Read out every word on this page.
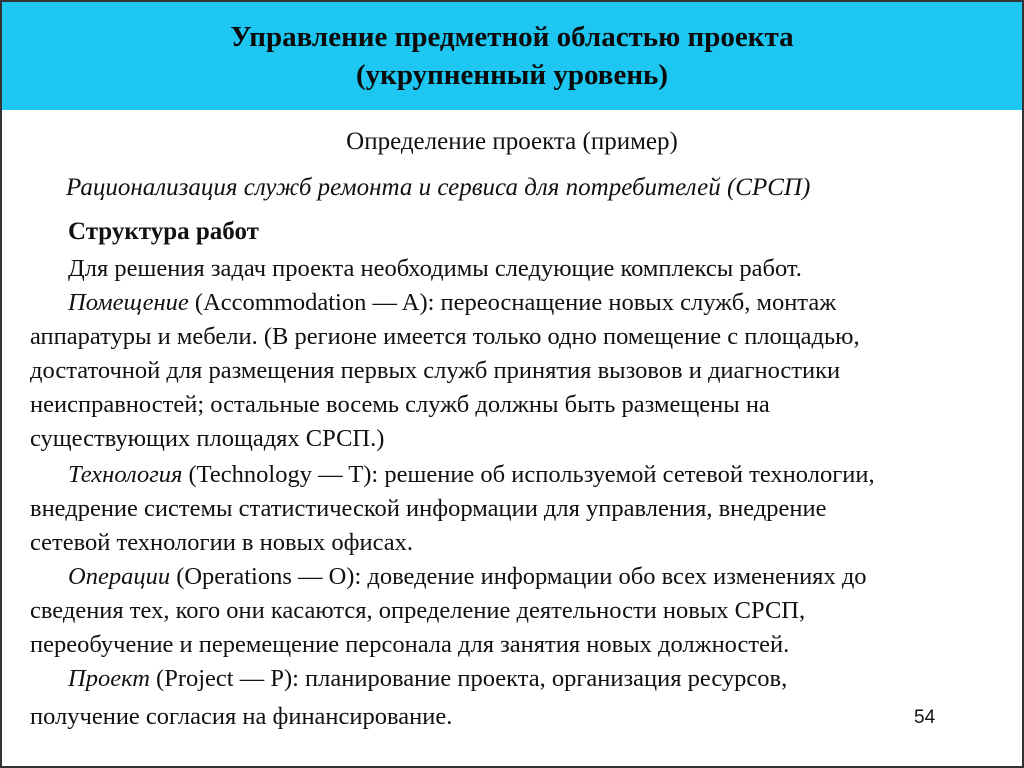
Управление предметной областью проекта
(укрупненный уровень)
Определение проекта (пример)
Рационализация служб ремонта и сервиса для потребителей (СРСП)
Структура работ
Для решения задач проекта необходимы следующие комплексы работ.
Помещение (Accommodation — A): переоснащение новых служб, монтаж
аппаратуры и мебели. (В регионе имеется только одно помещение с площадью,
достаточной для размещения первых служб принятия вызовов и диагностики
неисправностей; остальные восемь служб должны быть размещены на
существующих площадях СРСП.)
Технология (Technology — T): решение об используемой сетевой технологии,
внедрение системы статистической информации для управления, внедрение
сетевой технологии в новых офисах.
Операции (Operations — O): доведение информации обо всех изменениях до
сведения тех, кого они касаются, определение деятельности новых СРСП,
переобучение и перемещение персонала для занятия новых должностей.
Проект (Project — P): планирование проекта, организация ресурсов,
получение согласия на финансирование.	54
